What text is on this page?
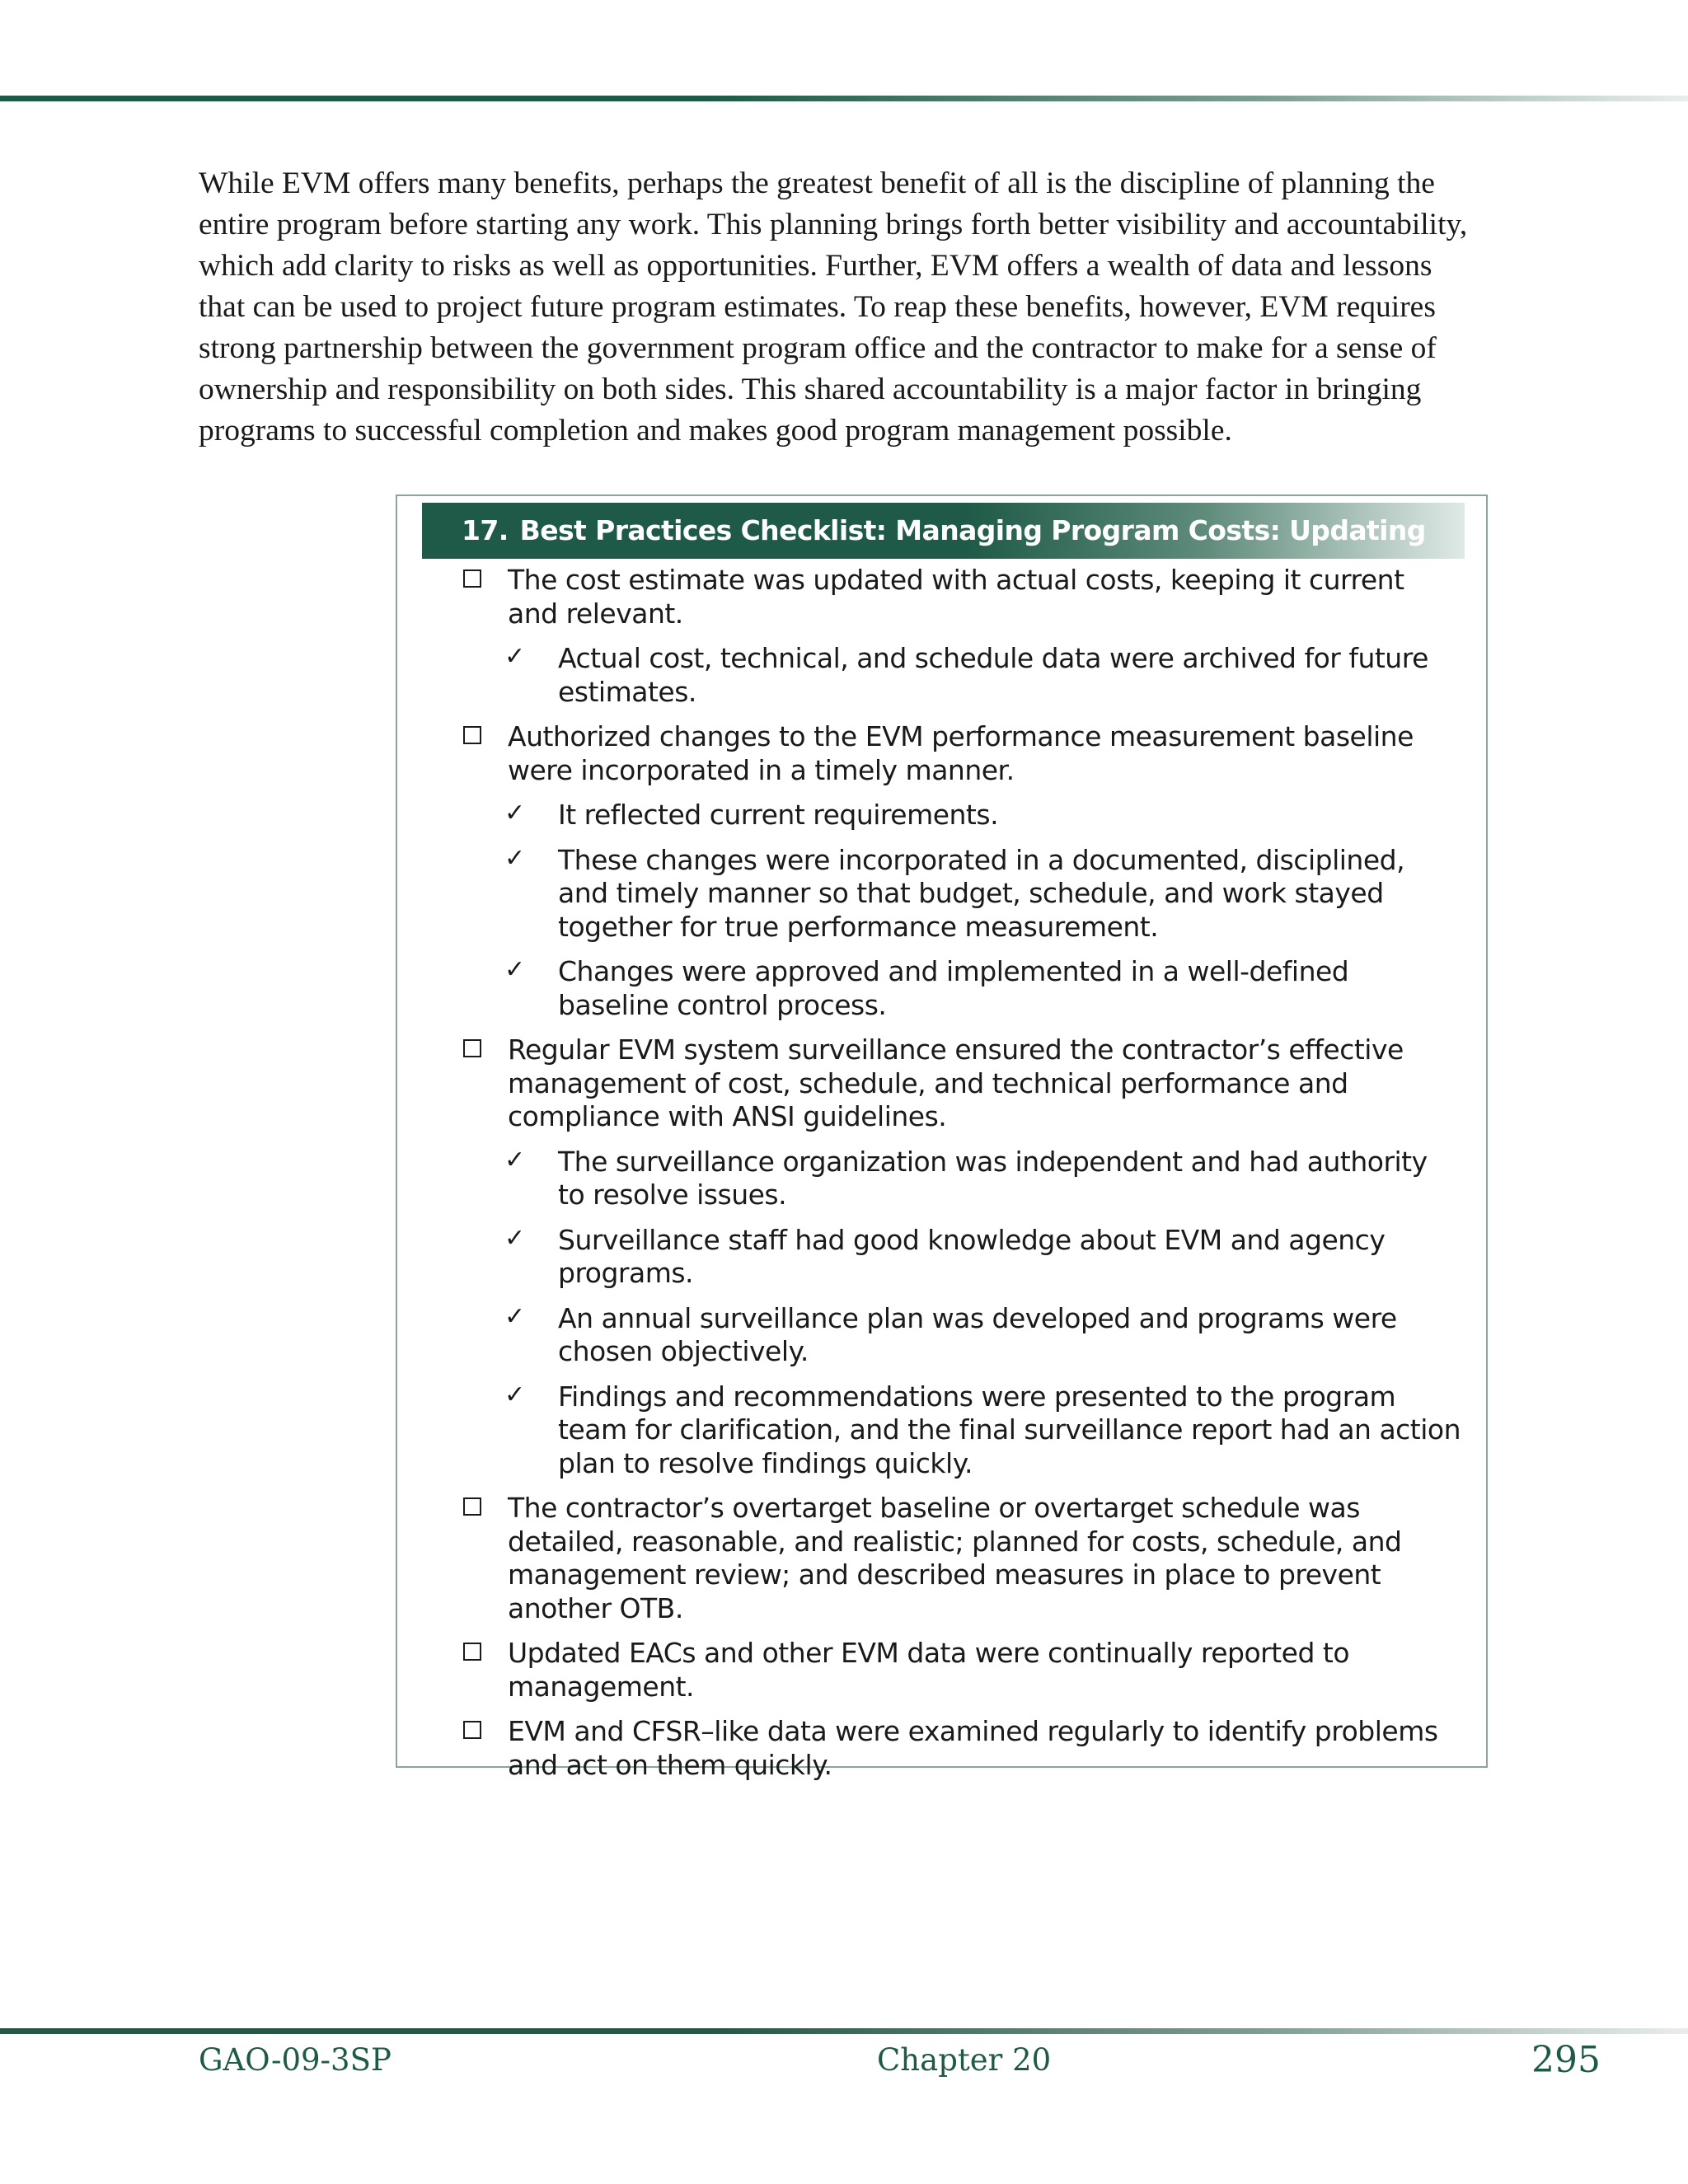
While EVM offers many benefits, perhaps the greatest benefit of all is the discipline of planning the entire program before starting any work. This planning brings forth better visibility and accountability, which add clarity to risks as well as opportunities. Further, EVM offers a wealth of data and lessons that can be used to project future program estimates. To reap these benefits, however, EVM requires strong partnership between the government program office and the contractor to make for a sense of ownership and responsibility on both sides. This shared accountability is a major factor in bringing programs to successful completion and makes good program management possible.

17. Best Practices Checklist: Managing Program Costs: Updating
The cost estimate was updated with actual costs, keeping it current and relevant.
✓ Actual cost, technical, and schedule data were archived for future estimates.
Authorized changes to the EVM performance measurement baseline were incorporated in a timely manner.
✓ It reflected current requirements.
✓ These changes were incorporated in a documented, disciplined, and timely manner so that budget, schedule, and work stayed together for true performance measurement.
✓ Changes were approved and implemented in a well-defined baseline control process.
Regular EVM system surveillance ensured the contractor’s effective management of cost, schedule, and technical performance and compliance with ANSI guidelines.
✓ The surveillance organization was independent and had authority to resolve issues.
✓ Surveillance staff had good knowledge about EVM and agency programs.
✓ An annual surveillance plan was developed and programs were chosen objectively.
✓ Findings and recommendations were presented to the program team for clarification, and the final surveillance report had an action plan to resolve findings quickly.
The contractor’s overtarget baseline or overtarget schedule was detailed, reasonable, and realistic; planned for costs, schedule, and management review; and described measures in place to prevent another OTB.
Updated EACs and other EVM data were continually reported to management.
EVM and CFSR–like data were examined regularly to identify problems and act on them quickly.
GAO-09-3SP	Chapter 20	295
